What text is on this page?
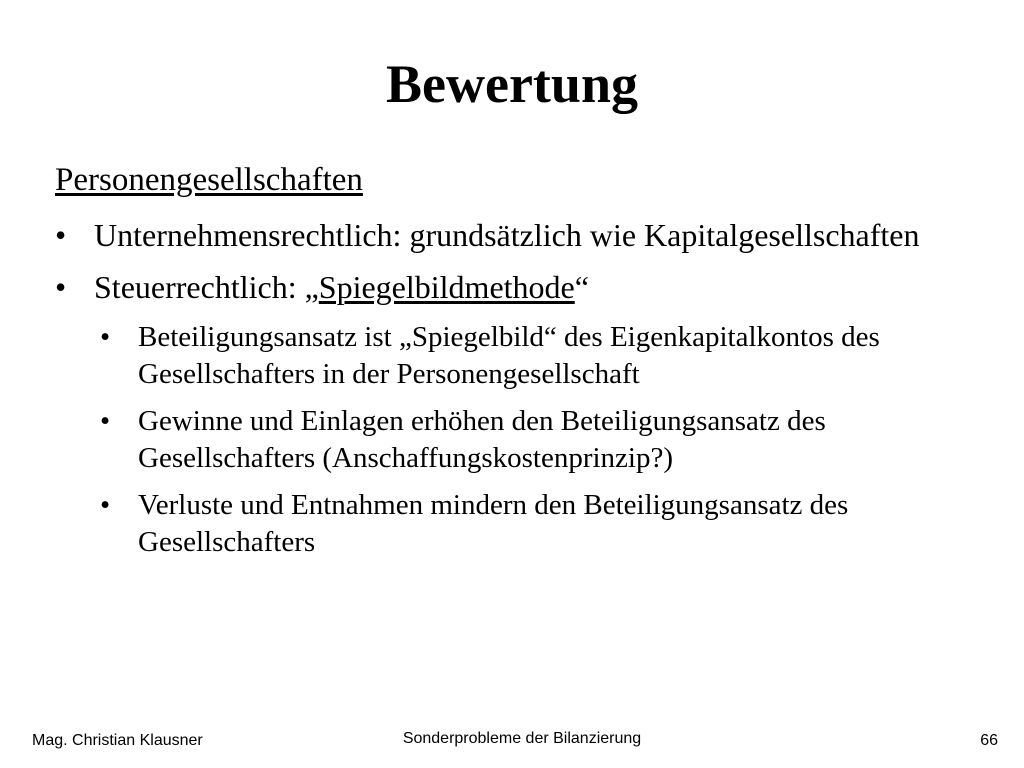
Bewertung
Personengesellschaften
• Unternehmensrechtlich: grundsätzlich wie Kapitalgesellschaften
• Steuerrechtlich: „Spiegelbildmethode“
• Beteiligungsansatz ist „Spiegelbild“ des Eigenkapitalkontos des Gesellschafters in der Personengesellschaft
• Gewinne und Einlagen erhöhen den Beteiligungsansatz des Gesellschafters (Anschaffungskostenprinzip?)
• Verluste und Entnahmen mindern den Beteiligungsansatz des Gesellschafters
Mag. Christian Klausner	Sonderprobleme der Bilanzierung	66
